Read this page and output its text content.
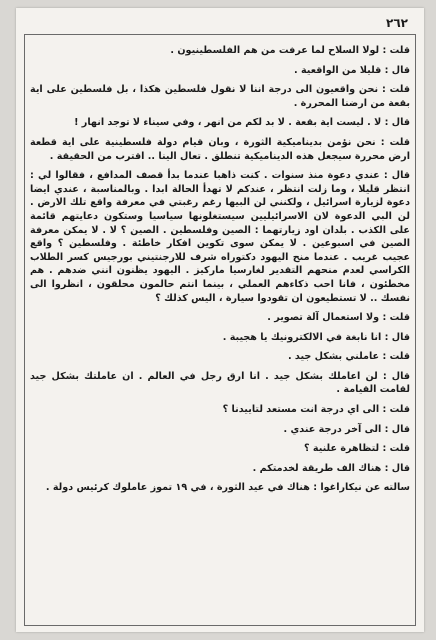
٢٦٢

قلت : لولا السلاح لما عرفت من هم الفلسطينيون .

قال : قليلا من الواقعية .

قلت : نحن واقعيون الى درجة اننا لا نقول فلسطين هكذا ، بل فلسطين على اية بقعة من ارضنا المحررة .

قال : لا . ليست اية بقعة . لا بد لكم من انهر ، وفي سيناء لا توجد انهار !

قلت : نحن نؤمن بديناميكية الثورة ، وبان قيام دولة فلسطينية على اية قطعة ارض محررة سيجعل هذه الديناميكية تنطلق . تعال الينا .. اقترب من الحقيقة .

قال : عندي دعوة منذ سنوات . كنت ذاهبا عندما بدأ قصف المدافع ، فقالوا لي : انتظر قليلا ، وما زلت انتظر ، عندكم لا تهدأ الحالة ابدا . وبالمناسبة ، عندي ايضا دعوة لزيارة اسرائيل ، ولكنني لن البيها رغم رغبتي في معرفة واقع تلك الارض . لن البي الدعوة لان الاسرائيليين سيستغلونها سياسيا وستكون دعايتهم قائمة على الكذب . بلدان اود زيارتهما : الصين وفلسطين . الصين ؟ لا . لا يمكن معرفة الصين في اسبوعين . لا يمكن سوى تكوين افكار خاطئة . وفلسطين ؟ واقع عجيب غريب . عندما منح اليهود دكتوراه شرف للارجنتيني بورجيس كسر الطلاب الكراسي لعدم منحهم التقدير لغارسيا ماركيز . اليهود يظنون انني ضدهم . هم مخطئون ، فانا احب ذكاءهم العملي ، بينما انتم حالمون محلقون ، انظروا الى نفسك .. لا تستطيعون ان تقودوا سيارة ، اليس كذلك ؟

قلت : ولا استعمال آلة تصوير .

قال : انا نابغة في الالكترونيك يا هجيبة .

قلت : عاملني بشكل جيد .

قال : لن اعاملك بشكل جيد . انا ارق رجل في العالم . ان عاملتك بشكل جيد لقامت القيامة .

قلت : الى اي درجة انت مستعد لتاييدنا ؟

قال : الى آخر درجة عندي .

قلت : لتظاهرة علنية ؟

قال : هناك الف طريقة لخدمتكم .

سالته عن نيكاراغوا : هناك في عيد الثورة ، في ١٩ تموز عاملوك كرئيس دولة .
